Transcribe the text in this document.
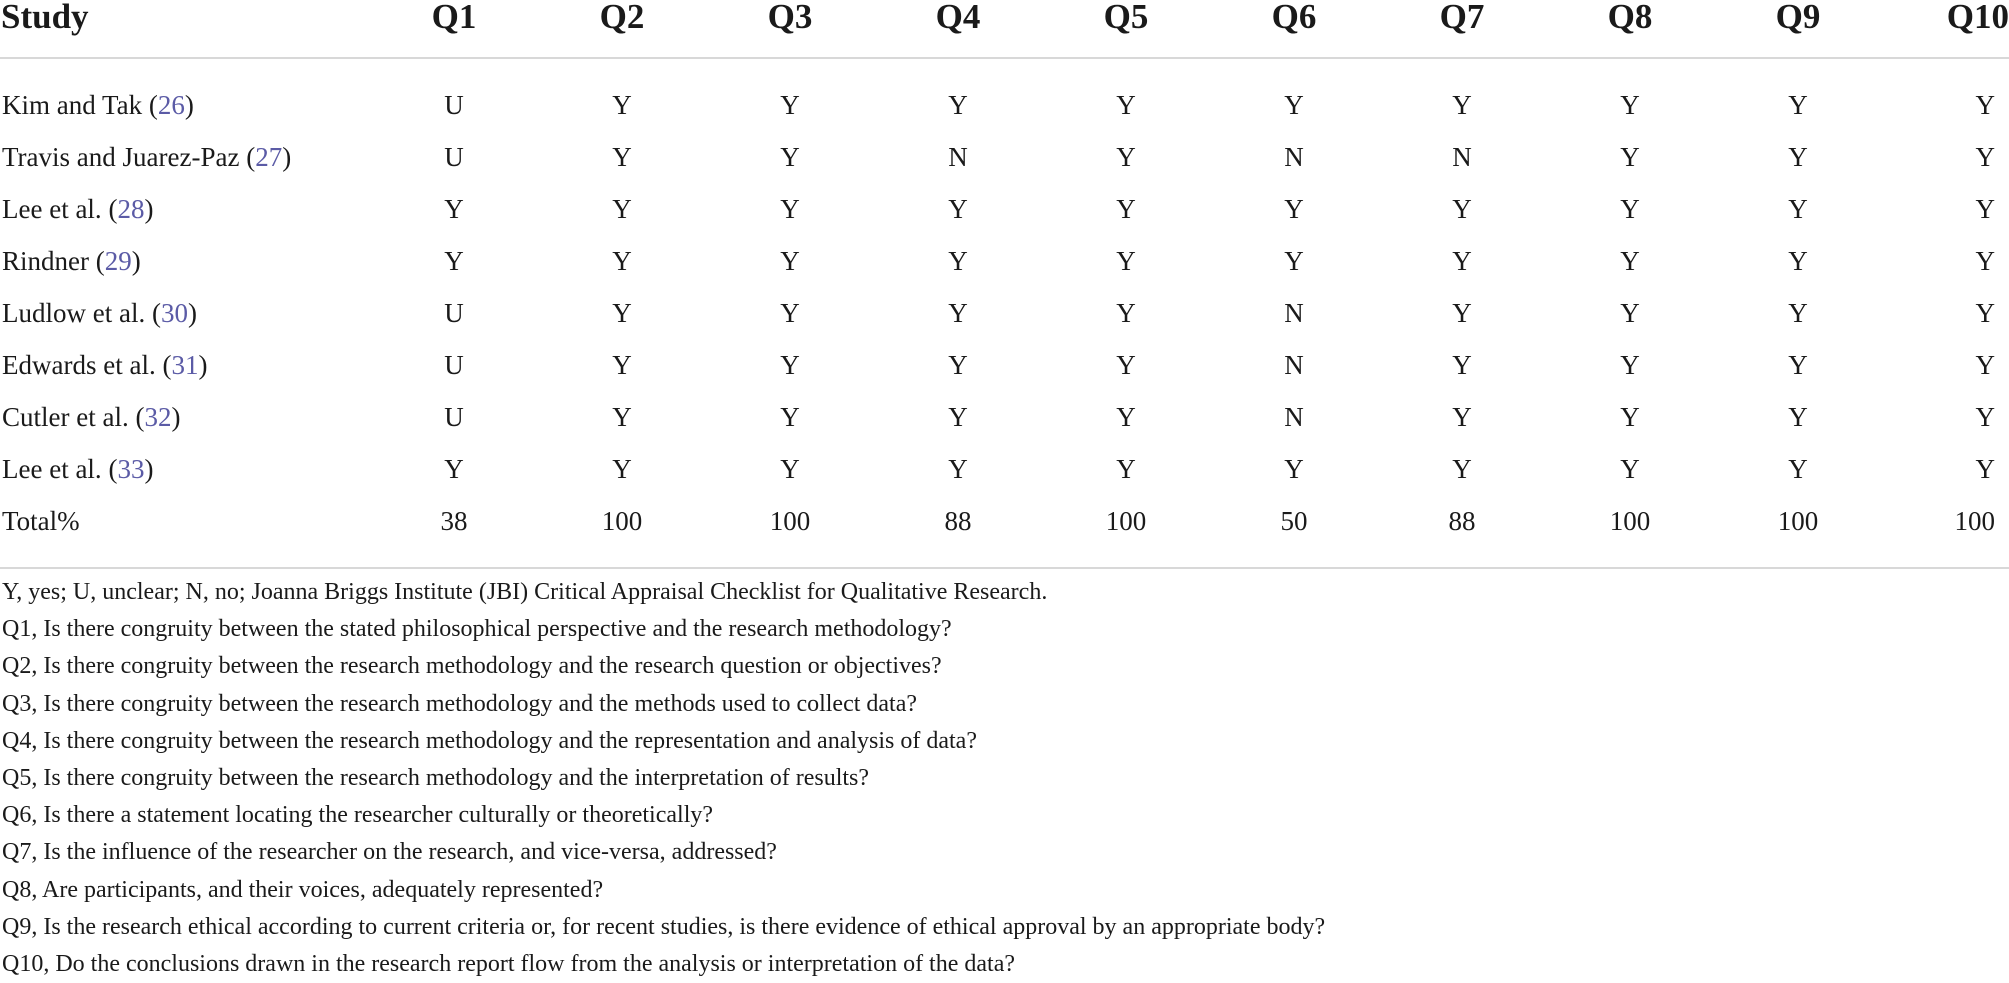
Study	Q1	Q2	Q3	Q4	Q5	Q6	Q7	Q8	Q9	Q10
Kim and Tak (26)	U	Y	Y	Y	Y	Y	Y	Y	Y	Y
Travis and Juarez-Paz (27)	U	Y	Y	N	Y	N	N	Y	Y	Y
Lee et al. (28)	Y	Y	Y	Y	Y	Y	Y	Y	Y	Y
Rindner (29)	Y	Y	Y	Y	Y	Y	Y	Y	Y	Y
Ludlow et al. (30)	U	Y	Y	Y	Y	N	Y	Y	Y	Y
Edwards et al. (31)	U	Y	Y	Y	Y	N	Y	Y	Y	Y
Cutler et al. (32)	U	Y	Y	Y	Y	N	Y	Y	Y	Y
Lee et al. (33)	Y	Y	Y	Y	Y	Y	Y	Y	Y	Y
Total%	38	100	100	88	100	50	88	100	100	100
Y, yes; U, unclear; N, no; Joanna Briggs Institute (JBI) Critical Appraisal Checklist for Qualitative Research.
Q1, Is there congruity between the stated philosophical perspective and the research methodology?
Q2, Is there congruity between the research methodology and the research question or objectives?
Q3, Is there congruity between the research methodology and the methods used to collect data?
Q4, Is there congruity between the research methodology and the representation and analysis of data?
Q5, Is there congruity between the research methodology and the interpretation of results?
Q6, Is there a statement locating the researcher culturally or theoretically?
Q7, Is the influence of the researcher on the research, and vice-versa, addressed?
Q8, Are participants, and their voices, adequately represented?
Q9, Is the research ethical according to current criteria or, for recent studies, is there evidence of ethical approval by an appropriate body?
Q10, Do the conclusions drawn in the research report flow from the analysis or interpretation of the data?
